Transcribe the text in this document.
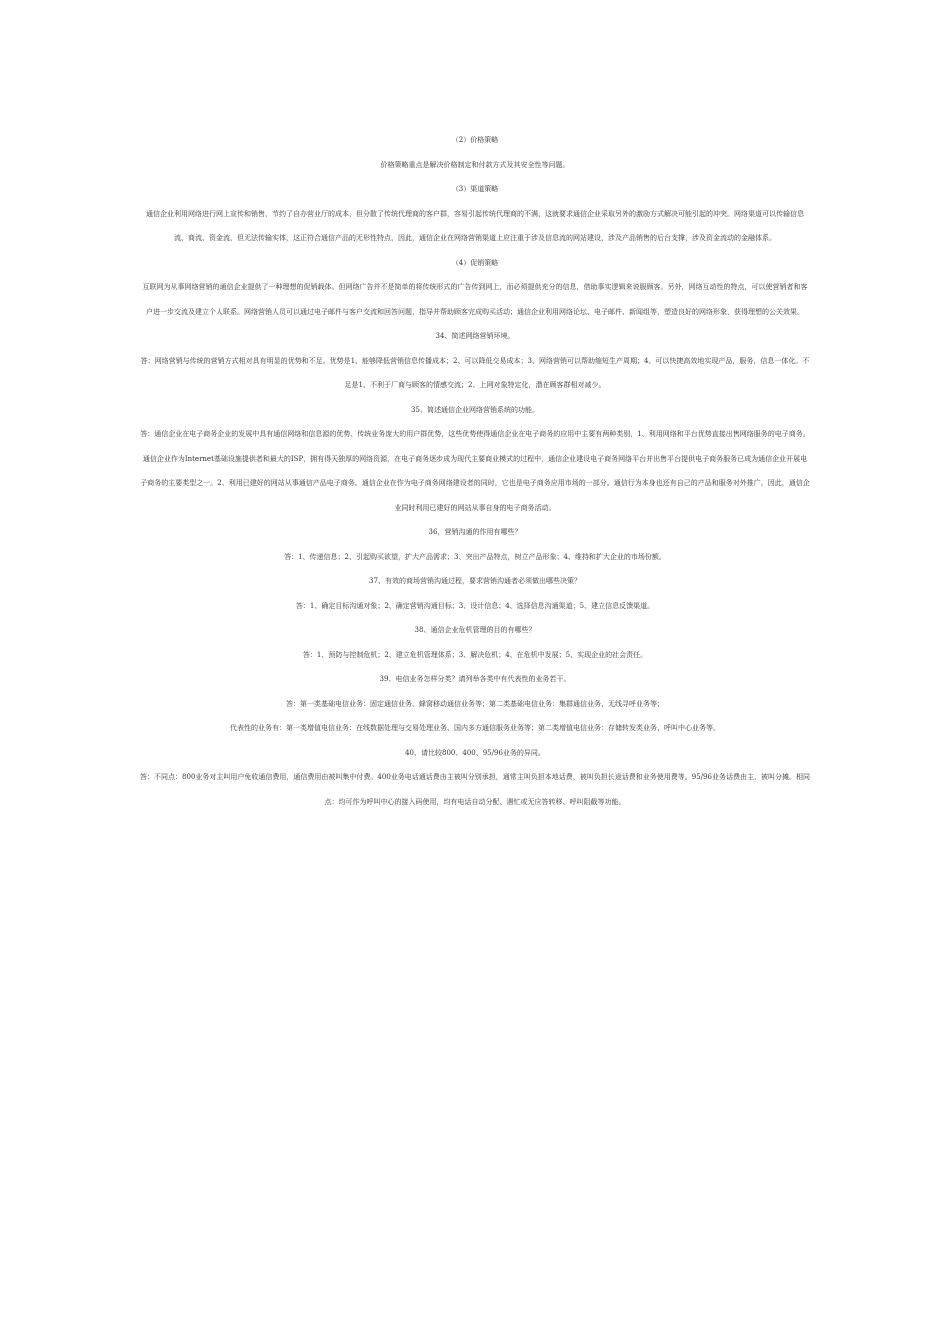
（2）价格策略

价格策略重点是解决价格制定和付款方式及其安全性等问题。

（3）渠道策略

通信企业利用网络进行网上宣传和销售，节约了自办营业厅的成本，但分散了传统代理商的客户群，容易引起传统代理商的不满，这就要求通信企业采取另外的激励方式解决可能引起的冲突。网络渠道可以传输信息流、商流、资金流，但无法传输实体，这正符合通信产品的无形性特点，因此，通信企业在网络营销渠道上应注重于涉及信息流的网站建设，涉及产品销售的后台支撑，涉及资金流动的金融体系。

（4）促销策略

互联网为从事网络营销的通信企业提供了一种理想的促销载体。但网络广告并不是简单的将传统形式的广告传到网上，而必须提供充分的信息，借助事实逻辑来说服顾客。另外，网络互动性的特点，可以使营销者和客户进一步交流及建立个人联系。网络营销人员可以通过电子邮件与客户交流和回答问题，指导并帮助顾客完成购买活动；通信企业利用网络论坛、电子邮件、新闻组等，塑造良好的网络形象，获得理想的公关效果。

34、简述网络营销环境。

答：网络营销与传统的营销方式相对具有明显的优势和不足。优势是1、能够降低营销信息传播成本；2、可以降低交易成本；3、网络营销可以帮助缩短生产周期；4、可以快捷高效地实现产品，服务，信息一体化。不足是1、不利于厂商与顾客的情感交流；2、上网对象特定化，潜在顾客群相对减少。

35、简述通信企业网络营销系统的功能。

答：通信企业在电子商务企业的发展中具有通信网络和信息源的优势、传统业务庞大的用户群优势，这些优势使得通信企业在电子商务的应用中主要有两种类别，1、利用网络和平台优势直接出售网络服务的电子商务。通信企业作为Internet基础设施提供者和最大的ISP，拥有得天独厚的网络资源，在电子商务逐步成为现代主要商业模式的过程中，通信企业建设电子商务网络平台并出售平台提供电子商务服务已成为通信企业开展电子商务的主要类型之一。2、利用已建好的网站从事通信产品电子商务。通信企业在作为电子商务网络建设者的同时，它也是电子商务应用市场的一部分。通信行为本身也还有自己的产品和服务对外推广，因此，通信企业同时利用已建好的网站从事自身的电子商务活动。

36，营销沟通的作用有哪些？

答：1、传递信息；2、引起购买欲望，扩大产品需求；3、突出产品特点，树立产品形象；4、维持和扩大企业的市场份额。

37、有效的商场营销沟通过程，要求营销沟通者必须做出哪些决策？

答：1、确定目标沟通对象；2、确定营销沟通目标；3、设计信息；4、选择信息沟通渠道；5、建立信息反馈渠道。

38、通信企业危机管理的目的有哪些？

答：1、预防与控制危机；2、建立危机管理体系；3、解决危机；4、在危机中发展；5、实现企业的社会责任。

39、电信业务怎样分类？请列举各类中有代表性的业务若干。

答：第一类基础电信业务：固定通信业务、蜂窝移动通信业务等；第二类基础电信业务：集群通信业务、无线寻呼业务等；

代表性的业务有：第一类增值电信业务：在线数据处理与交易处理业务、国内多方通信服务业务等；第二类增值电信业务：存储转发类业务、呼叫中心业务等。

40、请比较800、400、95/96业务的异同。

答：不同点：800业务对主叫用户免收通信费用，通信费用由被叫集中付费。400业务电话通话费由主被叫分别承担，通常主叫负担本地话费，被叫负担长途话费和业务使用费等。95/96业务话费由主、被叫分摊。相同点：均可作为呼叫中心的接入码使用，均有电话自动分配、遇忙或无应答转移、呼叫阻截等功能。
